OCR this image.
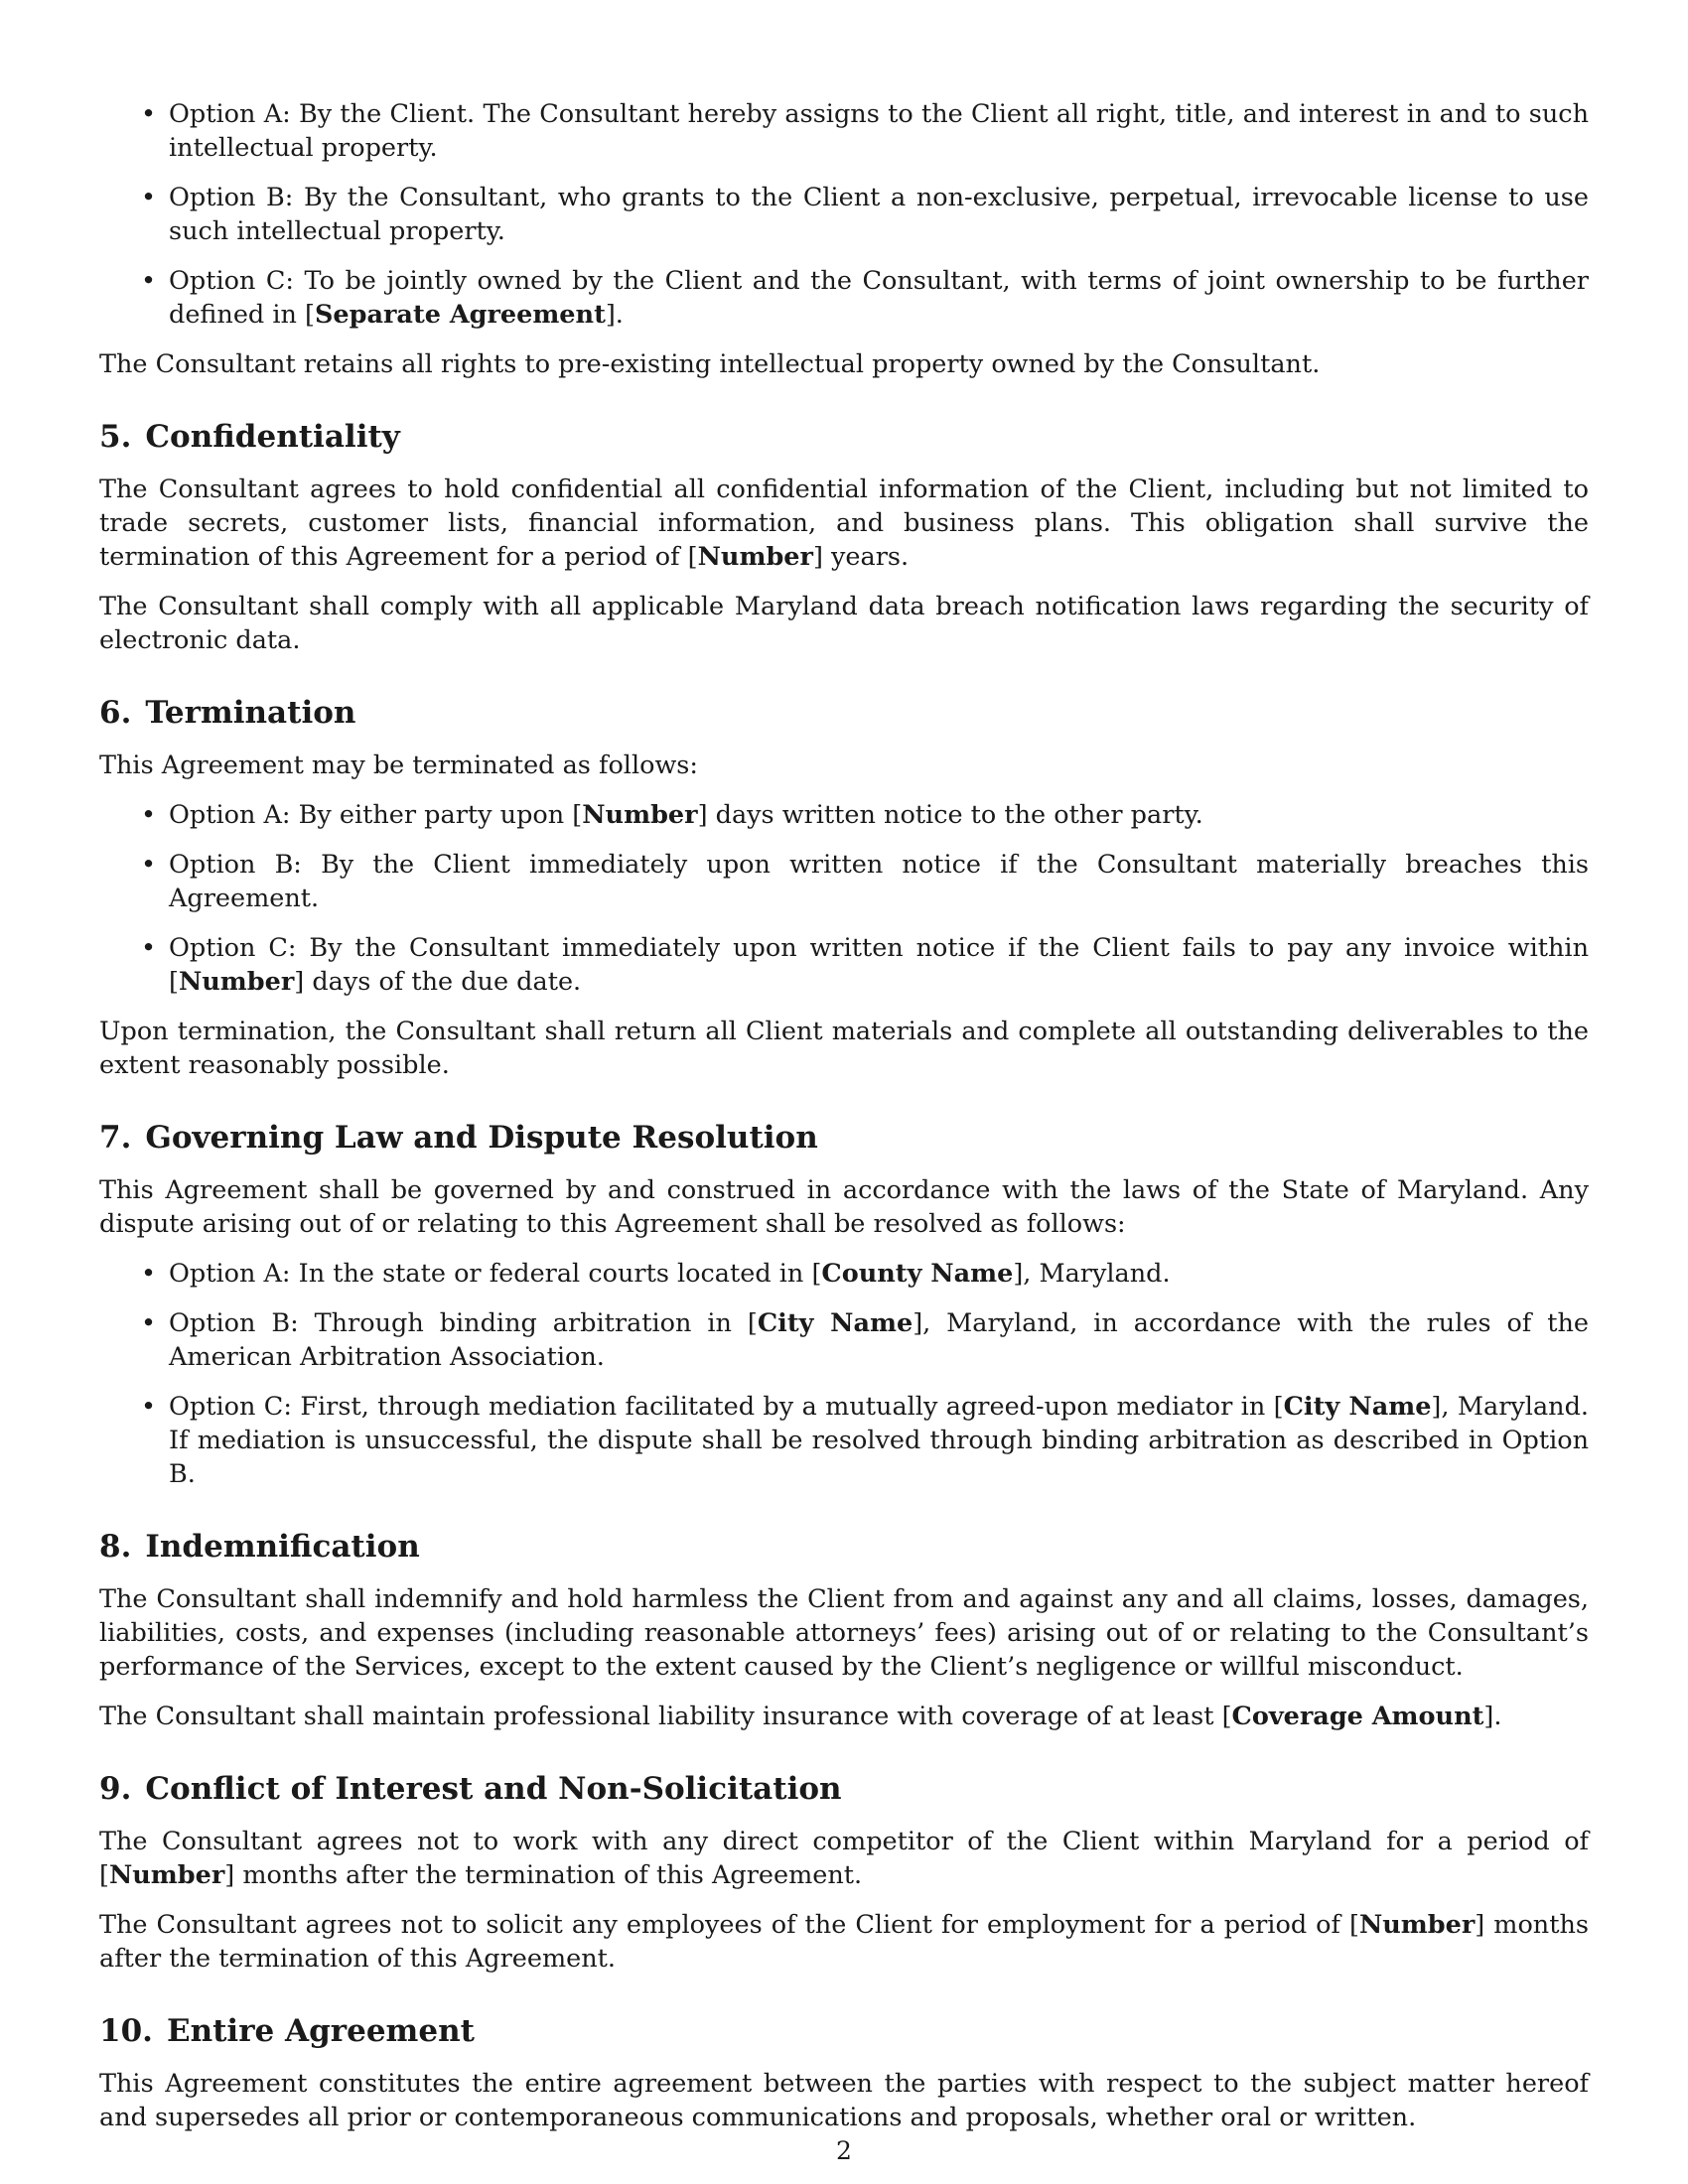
• Option A: By the Client. The Consultant hereby assigns to the Client all right, title, and interest in and to such intellectual property.
• Option B: By the Consultant, who grants to the Client a non-exclusive, perpetual, irrevocable license to use such intellectual property.
• Option C: To be jointly owned by the Client and the Consultant, with terms of joint ownership to be further defined in [Separate Agreement].

The Consultant retains all rights to pre-existing intellectual property owned by the Consultant.

5. Confidentiality

The Consultant agrees to hold confidential all confidential information of the Client, including but not limited to trade secrets, customer lists, financial information, and business plans. This obligation shall survive the termination of this Agreement for a period of [Number] years.

The Consultant shall comply with all applicable Maryland data breach notification laws regarding the security of electronic data.

6. Termination

This Agreement may be terminated as follows:

• Option A: By either party upon [Number] days written notice to the other party.
• Option B: By the Client immediately upon written notice if the Consultant materially breaches this Agreement.
• Option C: By the Consultant immediately upon written notice if the Client fails to pay any invoice within [Number] days of the due date.

Upon termination, the Consultant shall return all Client materials and complete all outstanding deliverables to the extent reasonably possible.

7. Governing Law and Dispute Resolution

This Agreement shall be governed by and construed in accordance with the laws of the State of Maryland. Any dispute arising out of or relating to this Agreement shall be resolved as follows:

• Option A: In the state or federal courts located in [County Name], Maryland.
• Option B: Through binding arbitration in [City Name], Maryland, in accordance with the rules of the American Arbitration Association.
• Option C: First, through mediation facilitated by a mutually agreed-upon mediator in [City Name], Maryland. If mediation is unsuccessful, the dispute shall be resolved through binding arbitration as described in Option B.
8. Indemnification

The Consultant shall indemnify and hold harmless the Client from and against any and all claims, losses, damages, liabilities, costs, and expenses (including reasonable attorneys’ fees) arising out of or relating to the Consultant’s performance of the Services, except to the extent caused by the Client’s negligence or willful misconduct.

The Consultant shall maintain professional liability insurance with coverage of at least [Coverage Amount].

9. Conflict of Interest and Non-Solicitation

The Consultant agrees not to work with any direct competitor of the Client within Maryland for a period of [Number] months after the termination of this Agreement.

The Consultant agrees not to solicit any employees of the Client for employment for a period of [Number] months after the termination of this Agreement.

10. Entire Agreement

This Agreement constitutes the entire agreement between the parties with respect to the subject matter hereof and supersedes all prior or contemporaneous communications and proposals, whether oral or written.

2
